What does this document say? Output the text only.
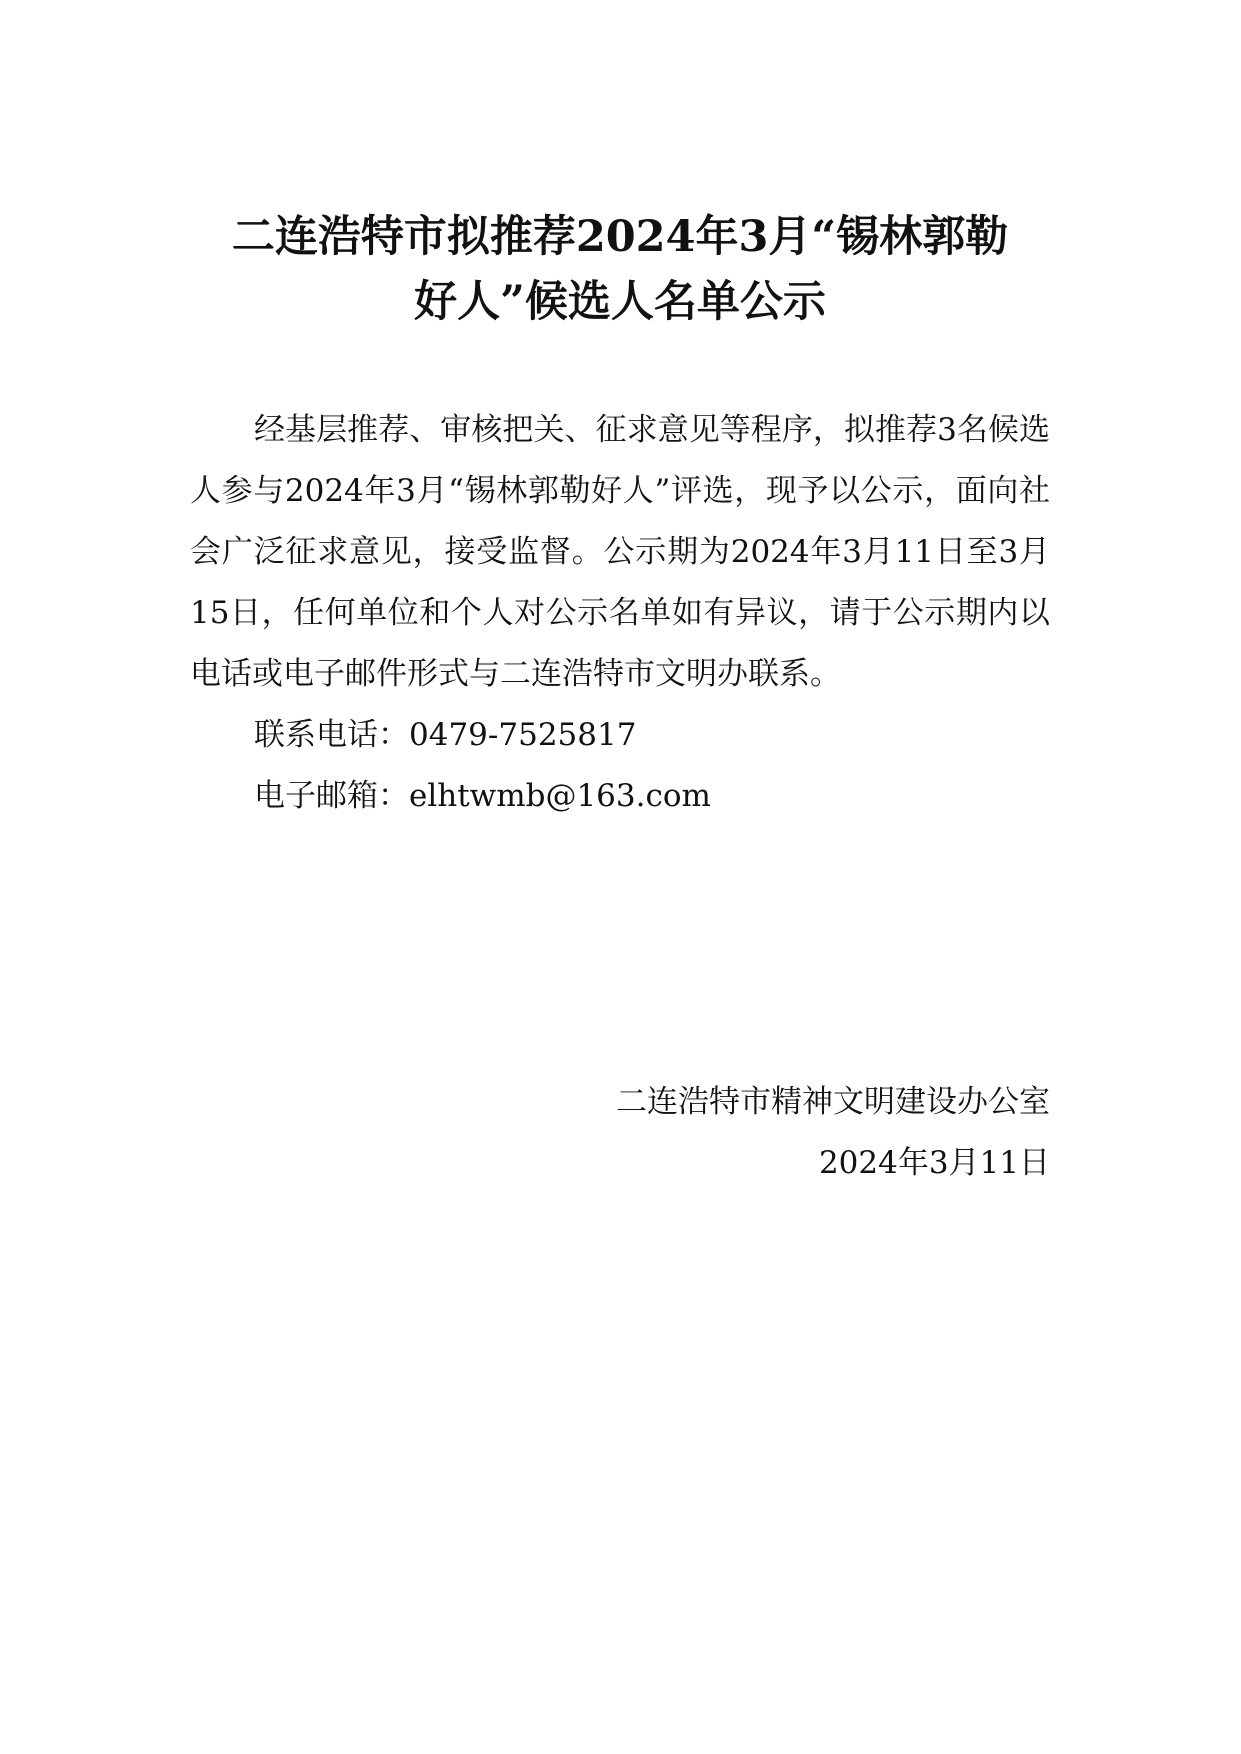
二连浩特市拟推荐2024年3月“锡林郭勒
好人”候选人名单公示

经基层推荐、审核把关、征求意见等程序，拟推荐3名候选人参与2024年3月“锡林郭勒好人”评选，现予以公示，面向社会广泛征求意见，接受监督。公示期为2024年3月11日至3月15日，任何单位和个人对公示名单如有异议，请于公示期内以电话或电子邮件形式与二连浩特市文明办联系。

联系电话：0479-7525817

电子邮箱：elhtwmb@163.com

二连浩特市精神文明建设办公室
2024年3月11日
